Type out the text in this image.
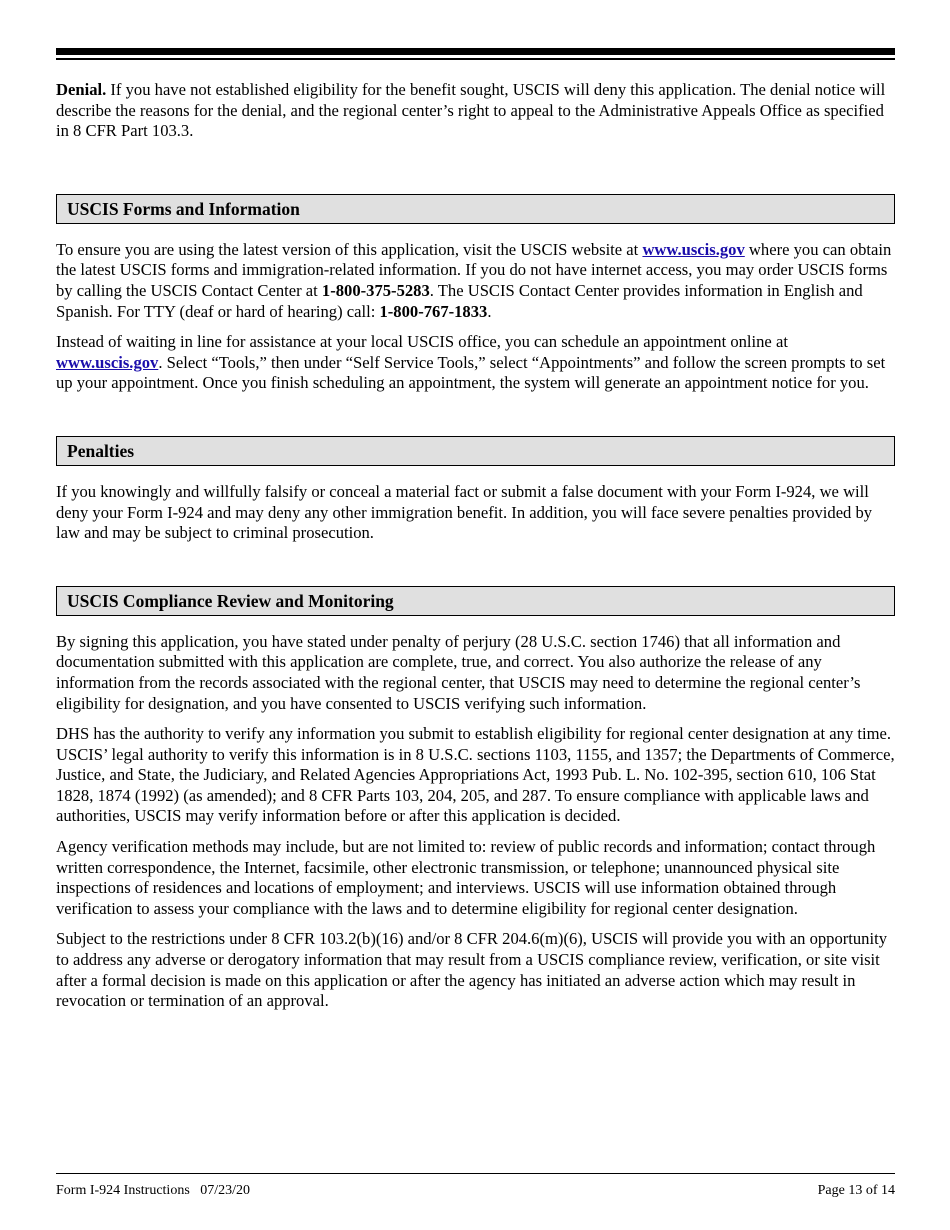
Denial. If you have not established eligibility for the benefit sought, USCIS will deny this application. The denial notice will describe the reasons for the denial, and the regional center’s right to appeal to the Administrative Appeals Office as specified in 8 CFR Part 103.3.

USCIS Forms and Information

To ensure you are using the latest version of this application, visit the USCIS website at www.uscis.gov where you can obtain the latest USCIS forms and immigration-related information. If you do not have internet access, you may order USCIS forms by calling the USCIS Contact Center at 1-800-375-5283. The USCIS Contact Center provides information in English and Spanish. For TTY (deaf or hard of hearing) call: 1-800-767-1833.

Instead of waiting in line for assistance at your local USCIS office, you can schedule an appointment online at www.uscis.gov. Select “Tools,” then under “Self Service Tools,” select “Appointments” and follow the screen prompts to set up your appointment. Once you finish scheduling an appointment, the system will generate an appointment notice for you.

Penalties

If you knowingly and willfully falsify or conceal a material fact or submit a false document with your Form I-924, we will deny your Form I-924 and may deny any other immigration benefit. In addition, you will face severe penalties provided by law and may be subject to criminal prosecution.

USCIS Compliance Review and Monitoring

By signing this application, you have stated under penalty of perjury (28 U.S.C. section 1746) that all information and documentation submitted with this application are complete, true, and correct. You also authorize the release of any information from the records associated with the regional center, that USCIS may need to determine the regional center’s eligibility for designation, and you have consented to USCIS verifying such information.

DHS has the authority to verify any information you submit to establish eligibility for regional center designation at any time. USCIS’ legal authority to verify this information is in 8 U.S.C. sections 1103, 1155, and 1357; the Departments of Commerce, Justice, and State, the Judiciary, and Related Agencies Appropriations Act, 1993 Pub. L. No. 102-395, section 610, 106 Stat 1828, 1874 (1992) (as amended); and 8 CFR Parts 103, 204, 205, and 287. To ensure compliance with applicable laws and authorities, USCIS may verify information before or after this application is decided.

Agency verification methods may include, but are not limited to: review of public records and information; contact through written correspondence, the Internet, facsimile, other electronic transmission, or telephone; unannounced physical site inspections of residences and locations of employment; and interviews. USCIS will use information obtained through verification to assess your compliance with the laws and to determine eligibility for regional center designation.

Subject to the restrictions under 8 CFR 103.2(b)(16) and/or 8 CFR 204.6(m)(6), USCIS will provide you with an opportunity to address any adverse or derogatory information that may result from a USCIS compliance review, verification, or site visit after a formal decision is made on this application or after the agency has initiated an adverse action which may result in revocation or termination of an approval.

Form I-924 Instructions   07/23/20	Page 13 of 14
